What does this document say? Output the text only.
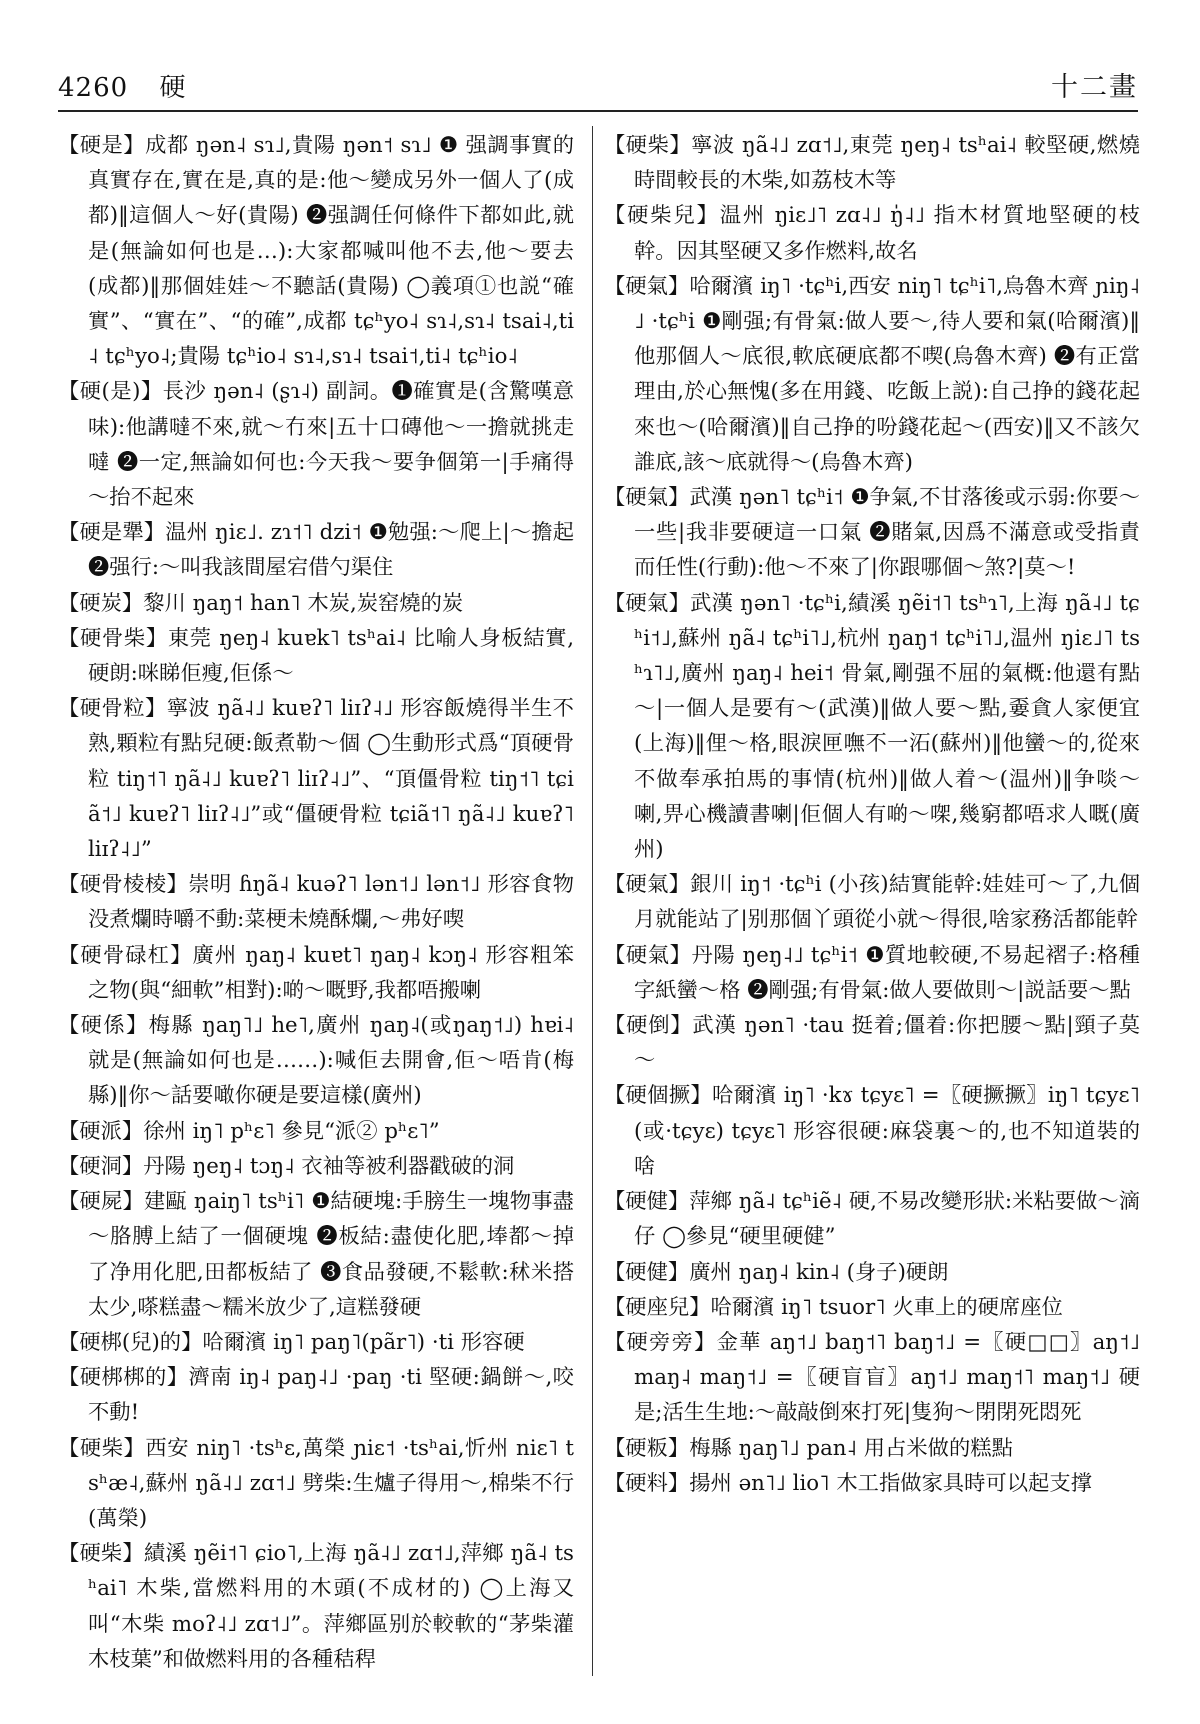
4260 硬	十二畫

【硬是】成都 ŋən˨ sɿ˩,貴陽 ŋən˦ sɿ˩ ❶ 强調事實的真實存在,實在是,真的是:他～變成另外一個人了(成都)‖這個人～好(貴陽) ❷强調任何條件下都如此,就是(無論如何也是…):大家都喊叫他不去,他～要去(成都)‖那個娃娃～不聽話(貴陽) ◯義項①也説“確實”、“實在”、“的確”,成都 tɕʰyo˨ sɿ˨,sɿ˨ tsai˨,ti˨ tɕʰyo˨;貴陽 tɕʰio˨ sɿ˨,sɿ˨ tsai˦,ti˨ tɕʰio˨

【硬(是)】長沙 ŋən˨ (ʂɿ˨) 副詞。❶確實是(含驚嘆意味):他講噠不來,就～冇來|五十口磚他～一擔就挑走噠 ❷一定,無論如何也:今天我～要争個第一|手痛得～抬不起來

【硬是犟】温州 ŋiɛ˩. zɿ˦˥ dzi˦ ❶勉强:～爬上|～擔起 ❷强行:～叫我該間屋宕借勺渠住

【硬炭】黎川 ŋaŋ˦ han˥ 木炭,炭窑燒的炭

【硬骨柴】東莞 ŋeŋ˨ kuɐk˥ tsʰai˨ 比喻人身板結實,硬朗:咪睇佢瘦,佢係～

【硬骨粒】寧波 ŋã˨˩ kuɐʔ˥ liɪʔ˨˩ 形容飯燒得半生不熟,顆粒有點兒硬:飯煮勒～個 ◯生動形式爲“頂硬骨粒 tiŋ˦˥ ŋã˨˩ kuɐʔ˥ liɪʔ˨˩”、“頂僵骨粒 tiŋ˦˥ tɕiã˦˩ kuɐʔ˥ liɪʔ˨˩”或“僵硬骨粒 tɕiã˦˥ ŋã˨˩ kuɐʔ˥ liɪʔ˨˩”

【硬骨棱棱】崇明 ɦŋã˨ kuəʔ˥ lən˦˩ lən˦˩ 形容食物没煮爛時嚼不動:菜梗未燒酥爛,～弗好喫

【硬骨碌杠】廣州 ŋaŋ˨ kuɐt˥ ŋaŋ˨ kɔŋ˨ 形容粗笨之物(與“細軟”相對):啲～嘅野,我都唔搬喇

【硬係】梅縣 ŋaŋ˥˩ he˥,廣州 ŋaŋ˨(或ŋaŋ˦˩) hɐi˨ 就是(無論如何也是……):喊佢去開會,佢～唔肯(梅縣)‖你～話要噉你硬是要這樣(廣州)

【硬派】徐州 iŋ˥ pʰɛ˥ 參見“派② pʰɛ˥”

【硬洞】丹陽 ŋeŋ˨ tɔŋ˨ 衣袖等被利器戳破的洞

【硬屍】建甌 ŋaiŋ˥ tsʰi˥ ❶結硬塊:手膀生一塊物事盡～胳膊上結了一個硬塊 ❷板結:盡使化肥,埲都～掉了净用化肥,田都板結了 ❸食品發硬,不鬆軟:秫米搭太少,嗏糕盡～糯米放少了,這糕發硬

【硬梆(兒)的】哈爾濱 iŋ˥ paŋ˥(pãr˥) ·ti 形容硬

【硬梆梆的】濟南 iŋ˨ paŋ˨˩ ·paŋ ·ti 堅硬:鍋餅～,咬不動!

【硬柴】西安 niŋ˥ ·tsʰɛ,萬榮 ɲiɛ˦ ·tsʰai,忻州 niɛ˥ tsʰæ˨,蘇州 ŋã˨˩ zɑ˦˩ 劈柴:生爐子得用～,棉柴不行(萬榮)

【硬柴】績溪 ŋẽi˦˥ ɕio˥,上海 ŋã˨˩ zɑ˦˩,萍鄉 ŋã˨ tsʰai˥ 木柴,當燃料用的木頭(不成材的) ◯上海又叫“木柴 moʔ˨˩ zɑ˦˩”。萍鄉區别於較軟的“茅柴灌木枝葉”和做燃料用的各種秸稈

【硬柴】寧波 ŋã˨˩ zɑ˦˩,東莞 ŋeŋ˨ tsʰai˨ 較堅硬,燃燒時間較長的木柴,如荔枝木等

【硬柴兒】温州 ŋiɛ˩˥ zɑ˨˩ ŋ̍˨˩ 指木材質地堅硬的枝幹。因其堅硬又多作燃料,故名

【硬氣】哈爾濱 iŋ˥ ·tɕʰi,西安 niŋ˥ tɕʰi˥,烏魯木齊 ɲiŋ˨˩ ·tɕʰi ❶剛强;有骨氣:做人要～,待人要和氣(哈爾濱)‖他那個人～底很,軟底硬底都不喫(烏魯木齊) ❷有正當理由,於心無愧(多在用錢、吃飯上説):自己挣的錢花起來也～(哈爾濱)‖自己挣的吩錢花起～(西安)‖又不該欠誰底,該～底就得～(烏魯木齊)

【硬氣】武漢 ŋən˥ tɕʰi˦ ❶争氣,不甘落後或示弱:你要～一些|我非要硬這一口氣 ❷賭氣,因爲不滿意或受指責而任性(行動):他～不來了|你跟哪個～煞?|莫～!

【硬氣】武漢 ŋən˥ ·tɕʰi,績溪 ŋẽi˦˥ tsʰɿ˥,上海 ŋã˨˩ tɕʰi˦˩,蘇州 ŋã˨ tɕʰi˥˩,杭州 ŋaŋ˦ tɕʰi˥˩,温州 ŋiɛ˩˥ tsʰɿ˥˩,廣州 ŋaŋ˨ hei˦ 骨氣,剛强不屈的氣概:他還有點～|一個人是要有～(武漢)‖做人要～點,嫑貪人家便宜(上海)‖俚～格,眼淚匣嘸不一沰(蘇州)‖他蠻～的,從來不做奉承拍馬的事情(杭州)‖做人着～(温州)‖争啖～喇,畀心機讀書喇|佢個人有啲～㗎,幾窮都唔求人嘅(廣州)

【硬氣】銀川 iŋ˦ ·tɕʰi (小孩)結實能幹:娃娃可～了,九個月就能站了|别那個丫頭從小就～得很,啥家務活都能幹

【硬氣】丹陽 ŋeŋ˨˩ tɕʰi˦ ❶質地較硬,不易起褶子:格種字紙蠻～格 ❷剛强;有骨氣:做人要做則～|説話要～點

【硬倒】武漢 ŋən˥ ·tau 挺着;僵着:你把腰～點|頸子莫～

【硬個撅】哈爾濱 iŋ˥ ·kɤ tɕyɛ˥ =〖硬撅撅〗iŋ˥ tɕyɛ˥(或·tɕyɛ) tɕyɛ˥ 形容很硬:麻袋裏～的,也不知道裝的啥

【硬健】萍鄉 ŋã˨ tɕʰiẽ˨ 硬,不易改變形狀:米粘要做～滴仔 ◯參見“硬里硬健”

【硬健】廣州 ŋaŋ˨ kin˨ (身子)硬朗

【硬座兒】哈爾濱 iŋ˥ tsuor˥ 火車上的硬席座位

【硬旁旁】金華 aŋ˦˩ baŋ˦˥ baŋ˦˩ =〖硬□□〗aŋ˦˩ maŋ˨ maŋ˦˩ =〖硬盲盲〗aŋ˦˩ maŋ˦˥ maŋ˦˩ 硬是;活生生地:～敲敲倒來打死|隻狗～閉閉死悶死

【硬粄】梅縣 ŋaŋ˥˩ pan˨ 用占米做的糕點

【硬料】揚州 ən˥˩ lio˥ 木工指做家具時可以起支撑
